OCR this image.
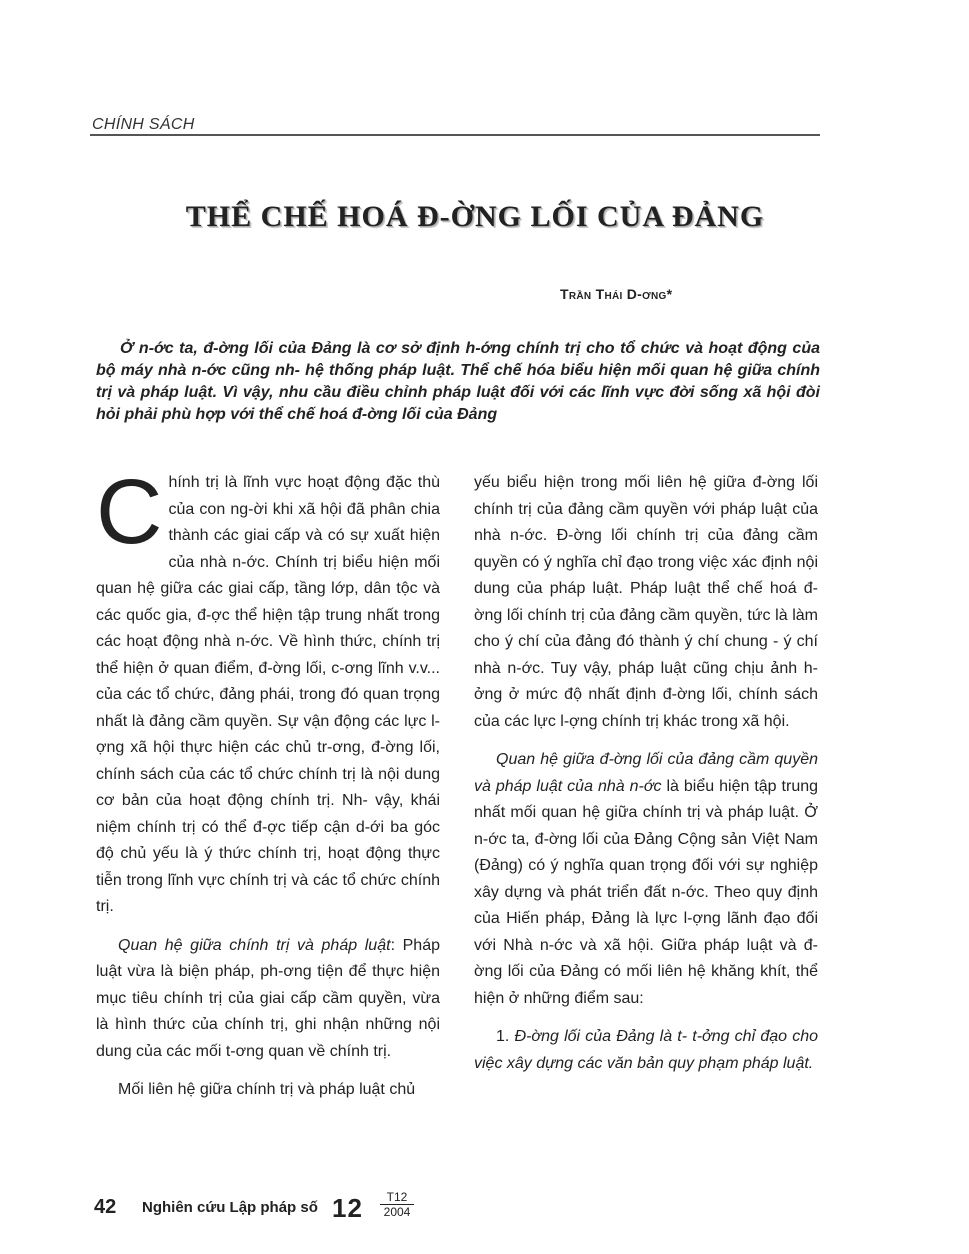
CHÍNH SÁCH
THỂ CHẾ HOÁ Đ-ỜNG LỐI CỦA ĐẢNG
Trần Thái D-ơng*
Ở n-ớc ta, đ-ờng lối của Đảng là cơ sở định h-ớng chính trị cho tổ chức và hoạt động của bộ máy nhà n-ớc cũng nh- hệ thống pháp luật. Thể chế hóa biểu hiện mối quan hệ giữa chính trị và pháp luật. Vì vậy, nhu cầu điều chỉnh pháp luật đối với các lĩnh vực đời sống xã hội đòi hỏi phải phù hợp với thể chế hoá đ-ờng lối của Đảng

Chính trị là lĩnh vực hoạt động đặc thù của con ng-ời khi xã hội đã phân chia thành các giai cấp và có sự xuất hiện của nhà n-ớc. Chính trị biểu hiện mối quan hệ giữa các giai cấp, tầng lớp, dân tộc và các quốc gia, đ-ợc thể hiện tập trung nhất trong các hoạt động nhà n-ớc. Về hình thức, chính trị thể hiện ở quan điểm, đ-ờng lối, c-ơng lĩnh v.v... của các tổ chức, đảng phái, trong đó quan trọng nhất là đảng cầm quyền. Sự vận động các lực l-ợng xã hội thực hiện các chủ tr-ơng, đ-ờng lối, chính sách của các tổ chức chính trị là nội dung cơ bản của hoạt động chính trị. Nh- vậy, khái niệm chính trị có thể đ-ợc tiếp cận d-ới ba góc độ chủ yếu là ý thức chính trị, hoạt động thực tiễn trong lĩnh vực chính trị và các tổ chức chính trị.

Quan hệ giữa chính trị và pháp luật: Pháp luật vừa là biện pháp, ph-ơng tiện để thực hiện mục tiêu chính trị của giai cấp cầm quyền, vừa là hình thức của chính trị, ghi nhận những nội dung của các mối t-ơng quan về chính trị.

Mối liên hệ giữa chính trị và pháp luật chủ

yếu biểu hiện trong mối liên hệ giữa đ-ờng lối chính trị của đảng cầm quyền với pháp luật của nhà n-ớc. Đ-ờng lối chính trị của đảng cầm quyền có ý nghĩa chỉ đạo trong việc xác định nội dung của pháp luật. Pháp luật thể chế hoá đ-ờng lối chính trị của đảng cầm quyền, tức là làm cho ý chí của đảng đó thành ý chí chung - ý chí nhà n-ớc. Tuy vậy, pháp luật cũng chịu ảnh h-ởng ở mức độ nhất định đ-ờng lối, chính sách của các lực l-ợng chính trị khác trong xã hội.

Quan hệ giữa đ-ờng lối của đảng cầm quyền và pháp luật của nhà n-ớc là biểu hiện tập trung nhất mối quan hệ giữa chính trị và pháp luật. Ở n-ớc ta, đ-ờng lối của Đảng Cộng sản Việt Nam (Đảng) có ý nghĩa quan trọng đối với sự nghiệp xây dựng và phát triển đất n-ớc. Theo quy định của Hiến pháp, Đảng là lực l-ợng lãnh đạo đối với Nhà n-ớc và xã hội. Giữa pháp luật và đ-ờng lối của Đảng có mối liên hệ khăng khít, thể hiện ở những điểm sau:

1. Đ-ờng lối của Đảng là t- t-ởng chỉ đạo cho việc xây dựng các văn bản quy phạm pháp luật.

42 Nghiên cứu Lập pháp số 12	T12
2004
